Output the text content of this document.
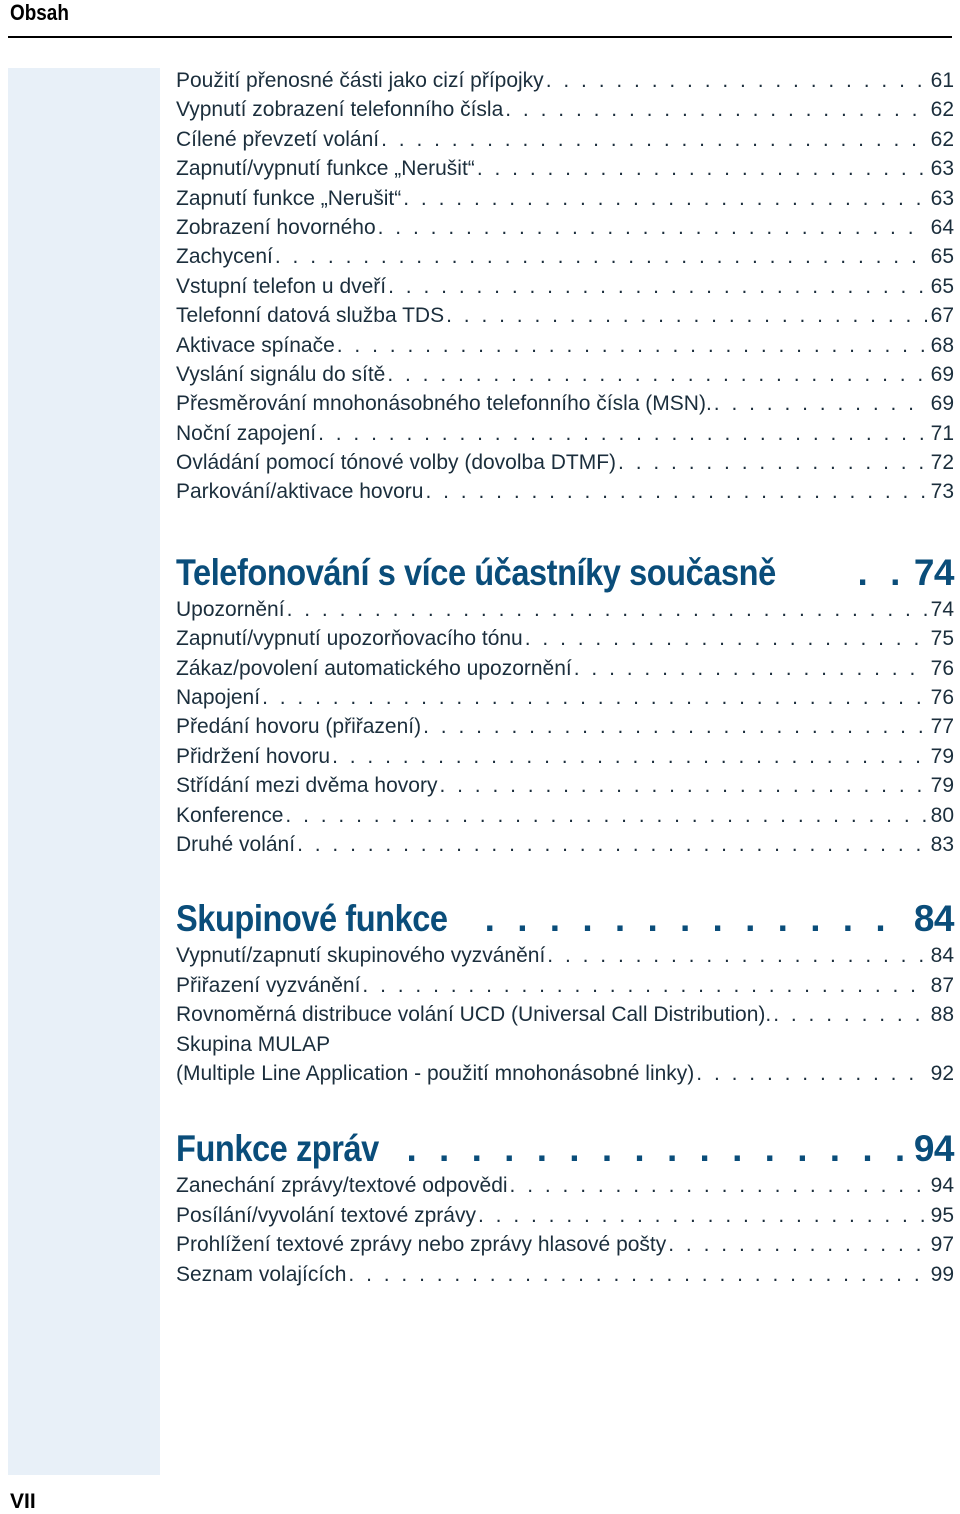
Obsah
Použití přenosné části jako cizí přípojky . . .	61
Vypnutí zobrazení telefonního čísla . . .	62
Cílené převzetí volání . . .	62
Zapnutí/vypnutí funkce „Nerušit“ . . .	63
Zapnutí funkce „Nerušit“ . . .	63
Zobrazení hovorného . . .	64
Zachycení . . .	65
Vstupní telefon u dveří . . .	65
Telefonní datová služba TDS . . .	67
Aktivace spínače . . .	68
Vyslání signálu do sítě . . .	69
Přesměrování mnohonásobného telefonního čísla (MSN). . . .	69
Noční zapojení . . .	71
Ovládání pomocí tónové volby (dovolba DTMF) . . .	72
Parkování/aktivace hovoru . . .	73
Telefonování s více účastníky současně . . .	74
Upozornění . . .	74
Zapnutí/vypnutí upozorňovacího tónu . . .	75
Zákaz/povolení automatického upozornění . . .	76
Napojení . . .	76
Předání hovoru (přiřazení) . . .	77
Přidržení hovoru . . .	79
Střídání mezi dvěma hovory . . .	79
Konference . . .	80
Druhé volání . . .	83
Skupinové funkce . . .	84
Vypnutí/zapnutí skupinového vyzvánění . . .	84
Přiřazení vyzvánění . . .	87
Rovnoměrná distribuce volání UCD (Universal Call Distribution). . . .	88
Skupina MULAP
(Multiple Line Application - použití mnohonásobné linky) . . .	92
Funkce zpráv . . .	94
Zanechání zprávy/textové odpovědi . . .	94
Posílání/vyvolání textové zprávy . . .	95
Prohlížení textové zprávy nebo zprávy hlasové pošty . . .	97
Seznam volajících . . .	99
VII
